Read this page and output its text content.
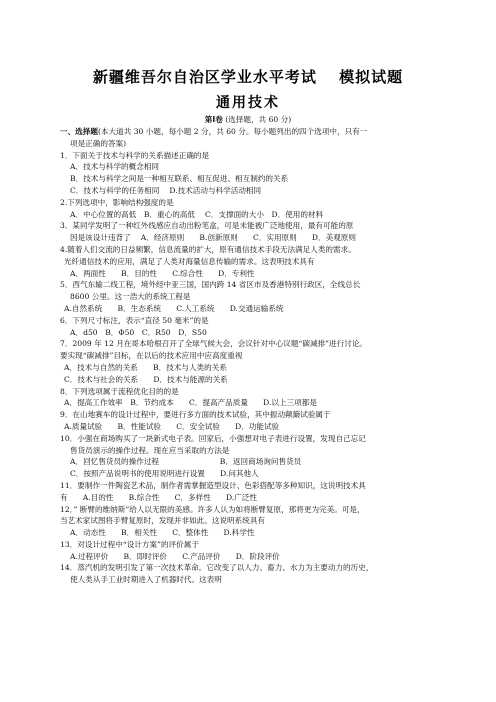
新疆维吾尔自治区学业水平考试　 模拟试题
通用技术
第Ⅰ卷 (选择题，共 60 分)
一、选择题(本大道共 30 小题，每小题 2 分，共 60 分。每小题列出的四个选项中，只有一
项是正确的答案)
1．下面关于技术与科学的关系描述正确的是
A．技术与科学的概念相同
B．技术与科学之间是一种相互联系、相互促进、相互制约的关系
C．技术与科学的任务相同　 D.技术活动与科学活动相同
2.下列选项中，影响结构强度的是
A．中心位置的高低　B．重心的高低　 C．支撑面的大小　D．使用的材料
3．某同学发明了一种红外线感应自动出粉笔盒，可是未能被广泛地使用，最有可能的原
因是该设计违背了　 A．经济原则　　B.创新原则　　C．实用原则　　D．美观原则
4.随着人们交流的日益频繁，信息流量的扩大，原有通信技术手段无法满足人类的需求。
光纤通信技术的应用，满足了人类对海量信息传输的需求。这表明技术具有
A．两面性　　B．目的性　　C.综合性　　D．专利性
5．西气东输二线工程，境外经中亚三国，国内跨 14 省区市及香港特别行政区，全线总长
8600 公里。这一浩大的系统工程是
A.自然系统　　B．生态系统　　C.人工系统　　D.交通运输系统
6．下列尺寸标注，表示“直径 50 毫米”的是
A．d50　B．Φ50　C．R50　D．S50
7．2009 年 12 月在哥本哈根召开了全球气候大会，会议针对中心议题“碳减排”进行讨论。
要实现“碳减排”目标，在以后的技术应用中应高度重视
A．技术与自然的关系　　B．技术与人类的关系
C．技术与社会的关系　　D．技术与能源的关系
8．下列选项属于流程优化目的的是
A．提高工作效率　B．节约成本　　C．提高产品质量　　D.以上三项都是
9．在山地赛车的设计过程中，要进行多方面的技术试验，其中振动颠簸试验属于
A.质量试验　　B．性能试验　　C．安全试验　　D．功能试验
10．小强在商场购买了一块新式电子表。回家后，小强想对电子表进行设置，发现自己忘记
售货员演示的操作过程。现在应当采取的方法是
A．回忆售货员的操作过程　　　　　　　　B．返回商场询问售货员
C．按照产品说明书的使用说明进行设置　　D.问其他人
11．要制作一件陶瓷艺术品，制作者需掌握造型设计、色彩搭配等多种知识，这说明技术具
有　　A.目的性　　B.综合性　　C．多样性　　D.广泛性
12．” 断臂的维纳斯”给人以无限的美感。许多人认为如将断臂复原，那将更为完美。可是，
当艺术家试图将手臂复原时，发现并非如此。这说明系统具有
A．动态性　　B．相关性　　C．整体性　　D.科学性
13．对设计过程中“设计方案”的评价属于
A.过程评价　　B．即时评价　　C.产品评价　　D．阶段评价
14．蒸汽机的发明引发了第一次技术革命。它改变了以人力、畜力、水力为主要动力的历史，
使人类从手工业时期进入了机器时代。这表明
